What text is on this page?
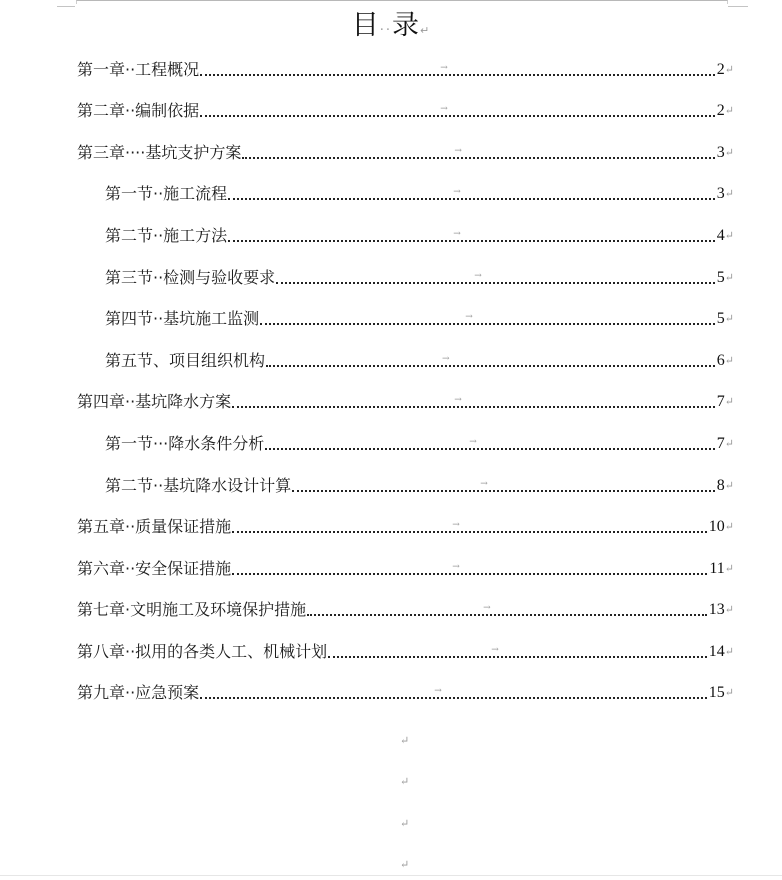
目··录↵
第一章··工程概况	→	2 ↵
第二章··编制依据	→	2 ↵
第三章····基坑支护方案	→	3 ↵
第一节··施工流程	→	3 ↵
第二节··施工方法	→	4 ↵
第三节··检测与验收要求	→	5 ↵
第四节··基坑施工监测	→	5 ↵
第五节、项目组织机构	→	6 ↵
第四章··基坑降水方案	→	7 ↵
第一节···降水条件分析	→	7 ↵
第二节··基坑降水设计计算	→	8 ↵
第五章··质量保证措施	→	10 ↵
第六章··安全保证措施	→	11 ↵
第七章·文明施工及环境保护措施	→	13 ↵
第八章··拟用的各类人工、机械计划	→	14 ↵
第九章··应急预案	→	15 ↵
↵
↵
↵
↵
